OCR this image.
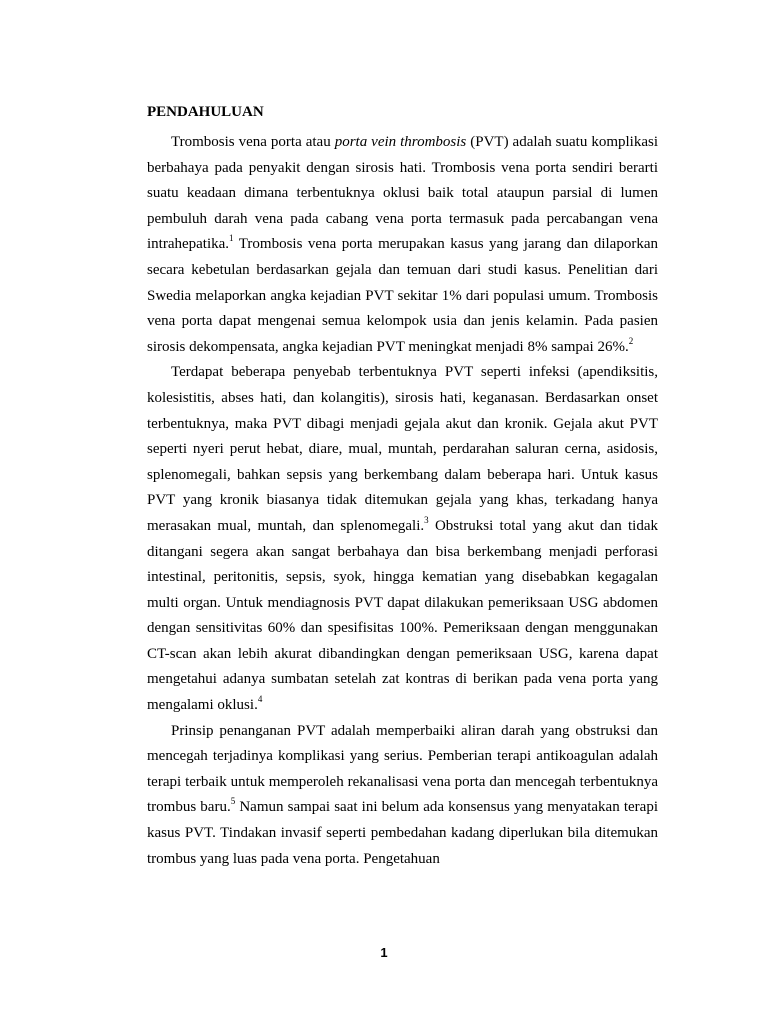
PENDAHULUAN

Trombosis vena porta atau porta vein thrombosis (PVT) adalah suatu komplikasi berbahaya pada penyakit dengan sirosis hati. Trombosis vena porta sendiri berarti suatu keadaan dimana terbentuknya oklusi baik total ataupun parsial di lumen pembuluh darah vena pada cabang vena porta termasuk pada percabangan vena intrahepatika.$^1$ Trombosis vena porta merupakan kasus yang jarang dan dilaporkan secara kebetulan berdasarkan gejala dan temuan dari studi kasus. Penelitian dari Swedia melaporkan angka kejadian PVT sekitar 1% dari populasi umum. Trombosis vena porta dapat mengenai semua kelompok usia dan jenis kelamin. Pada pasien sirosis dekompensata, angka kejadian PVT meningkat menjadi 8% sampai 26%.$^2$

Terdapat beberapa penyebab terbentuknya PVT seperti infeksi (apendiksitis, kolesistitis, abses hati, dan kolangitis), sirosis hati, keganasan. Berdasarkan onset terbentuknya, maka PVT dibagi menjadi gejala akut dan kronik. Gejala akut PVT seperti nyeri perut hebat, diare, mual, muntah, perdarahan saluran cerna, asidosis, splenomegali, bahkan sepsis yang berkembang dalam beberapa hari. Untuk kasus PVT yang kronik biasanya tidak ditemukan gejala yang khas, terkadang hanya merasakan mual, muntah, dan splenomegali.$^3$ Obstruksi total yang akut dan tidak ditangani segera akan sangat berbahaya dan bisa berkembang menjadi perforasi intestinal, peritonitis, sepsis, syok, hingga kematian yang disebabkan kegagalan multi organ. Untuk mendiagnosis PVT dapat dilakukan pemeriksaan USG abdomen dengan sensitivitas 60% dan spesifisitas 100%. Pemeriksaan dengan menggunakan CT-scan akan lebih akurat dibandingkan dengan pemeriksaan USG, karena dapat mengetahui adanya sumbatan setelah zat kontras di berikan pada vena porta yang mengalami oklusi.$^4$

Prinsip penanganan PVT adalah memperbaiki aliran darah yang obstruksi dan mencegah terjadinya komplikasi yang serius. Pemberian terapi antikoagulan adalah terapi terbaik untuk memperoleh rekanalisasi vena porta dan mencegah terbentuknya trombus baru.$^5$ Namun sampai saat ini belum ada konsensus yang menyatakan terapi kasus PVT. Tindakan invasif seperti pembedahan kadang diperlukan bila ditemukan trombus yang luas pada vena porta. Pengetahuan

1
